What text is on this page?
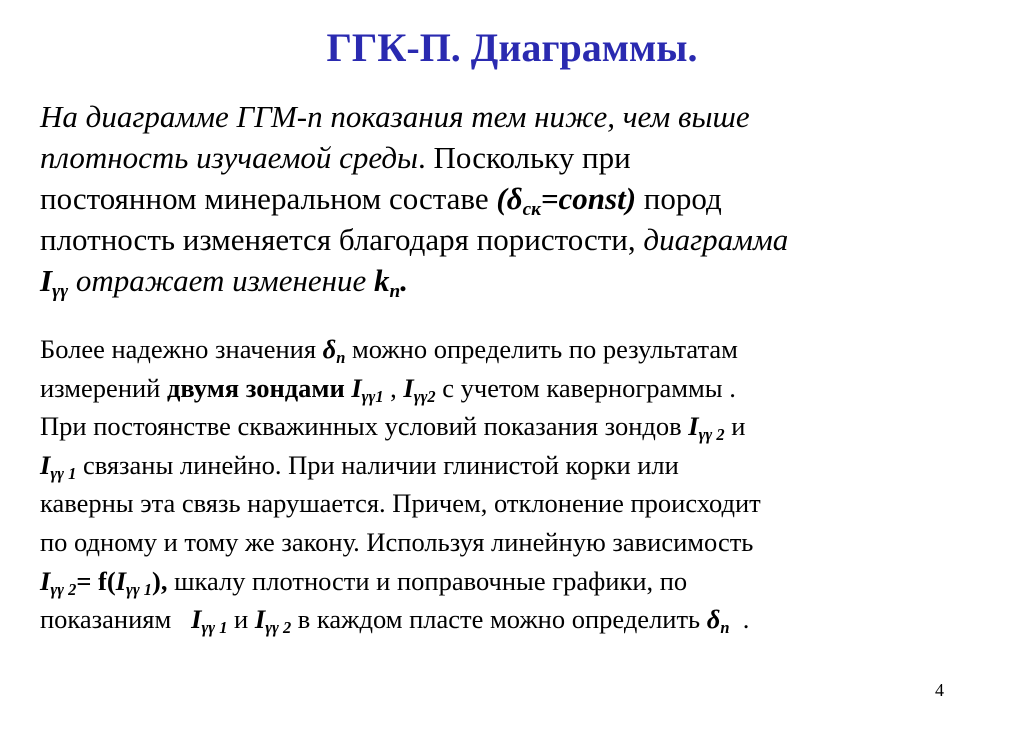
ГГК-П. Диаграммы.
На диаграмме ГГМ-п показания тем ниже, чем выше
плотность изучаемой среды. Поскольку при
постоянном минеральном составе $(\delta_{ск}=const)$ пород
плотность изменяется благодаря пористости, диаграмма
$I_{\gamma\gamma}$ отражает изменение $k_п$.
Более надежно значения $\delta_п$ можно определить по результатам
измерений двумя зондами $I_{\gamma\gamma 1}$ , $I_{\gamma\gamma 2}$ с учетом кавернограммы .
При постоянстве скважинных условий показания зондов $I_{\gamma\gamma 2}$ и
$I_{\gamma\gamma 1}$ связаны линейно. При наличии глинистой корки или
каверны эта связь нарушается. Причем, отклонение происходит
по одному и тому же закону. Используя линейную зависимость
$I_{\gamma\gamma 2}= f(I_{\gamma\gamma 1})$, шкалу плотности и поправочные графики, по
показаниям $I_{\gamma\gamma 1}$ и $I_{\gamma\gamma 2}$ в каждом пласте можно определить $\delta_п$ .
4
